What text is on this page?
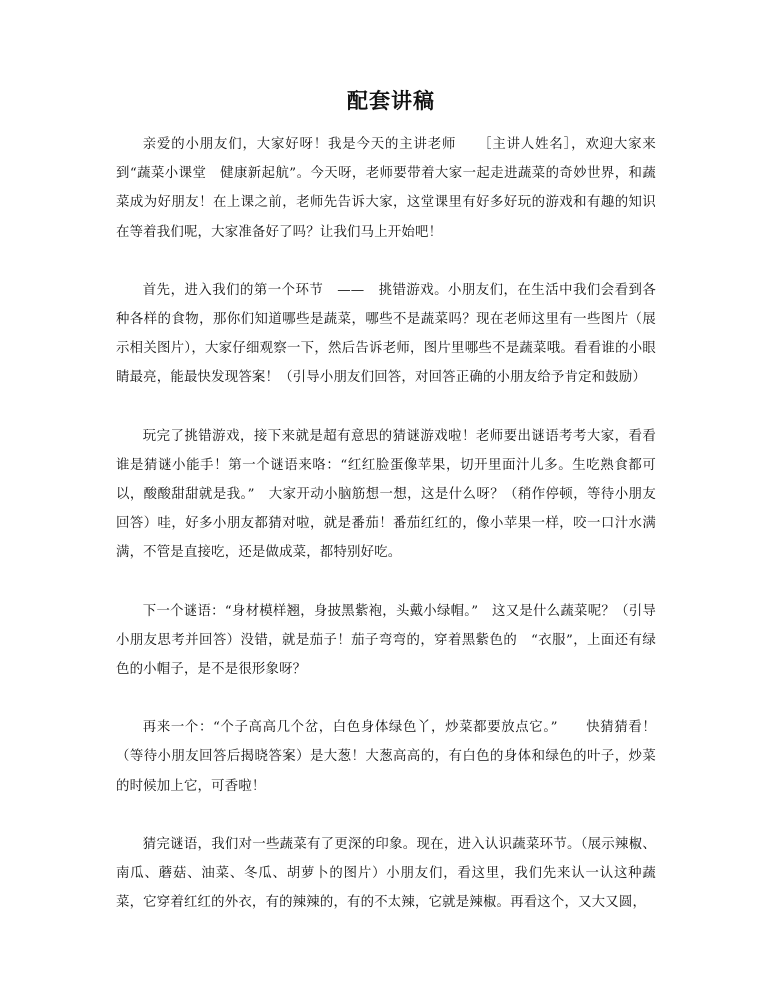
配套讲稿

亲爱的小朋友们，大家好呀！我是今天的主讲老师　　［主讲人姓名］，欢迎大家来到“蔬菜小课堂　健康新起航”。今天呀，老师要带着大家一起走进蔬菜的奇妙世界，和蔬菜成为好朋友！在上课之前，老师先告诉大家，这堂课里有好多好玩的游戏和有趣的知识在等着我们呢，大家准备好了吗？让我们马上开始吧！

首先，进入我们的第一个环节　——　挑错游戏。小朋友们，在生活中我们会看到各种各样的食物，那你们知道哪些是蔬菜，哪些不是蔬菜吗？现在老师这里有一些图片（展示相关图片），大家仔细观察一下，然后告诉老师，图片里哪些不是蔬菜哦。看看谁的小眼睛最亮，能最快发现答案！（引导小朋友们回答，对回答正确的小朋友给予肯定和鼓励）

玩完了挑错游戏，接下来就是超有意思的猜谜游戏啦！老师要出谜语考考大家，看看谁是猜谜小能手！第一个谜语来咯：“红红脸蛋像苹果，切开里面汁儿多。生吃熟食都可以，酸酸甜甜就是我。”　大家开动小脑筋想一想，这是什么呀？（稍作停顿，等待小朋友回答）哇，好多小朋友都猜对啦，就是番茄！番茄红红的，像小苹果一样，咬一口汁水满满，不管是直接吃，还是做成菜，都特别好吃。

下一个谜语：“身材模样翘，身披黑紫袍，头戴小绿帽。”　这又是什么蔬菜呢？（引导小朋友思考并回答）没错，就是茄子！茄子弯弯的，穿着黑紫色的　“衣服”，上面还有绿色的小帽子，是不是很形象呀？

再来一个：“个子高高几个岔，白色身体绿色丫，炒菜都要放点它。”　　快猜猜看！（等待小朋友回答后揭晓答案）是大葱！大葱高高的，有白色的身体和绿色的叶子，炒菜的时候加上它，可香啦！

猜完谜语，我们对一些蔬菜有了更深的印象。现在，进入认识蔬菜环节。（展示辣椒、南瓜、蘑菇、油菜、冬瓜、胡萝卜的图片）小朋友们，看这里，我们先来认一认这种蔬菜，它穿着红红的外衣，有的辣辣的，有的不太辣，它就是辣椒。再看这个，又大又圆，
